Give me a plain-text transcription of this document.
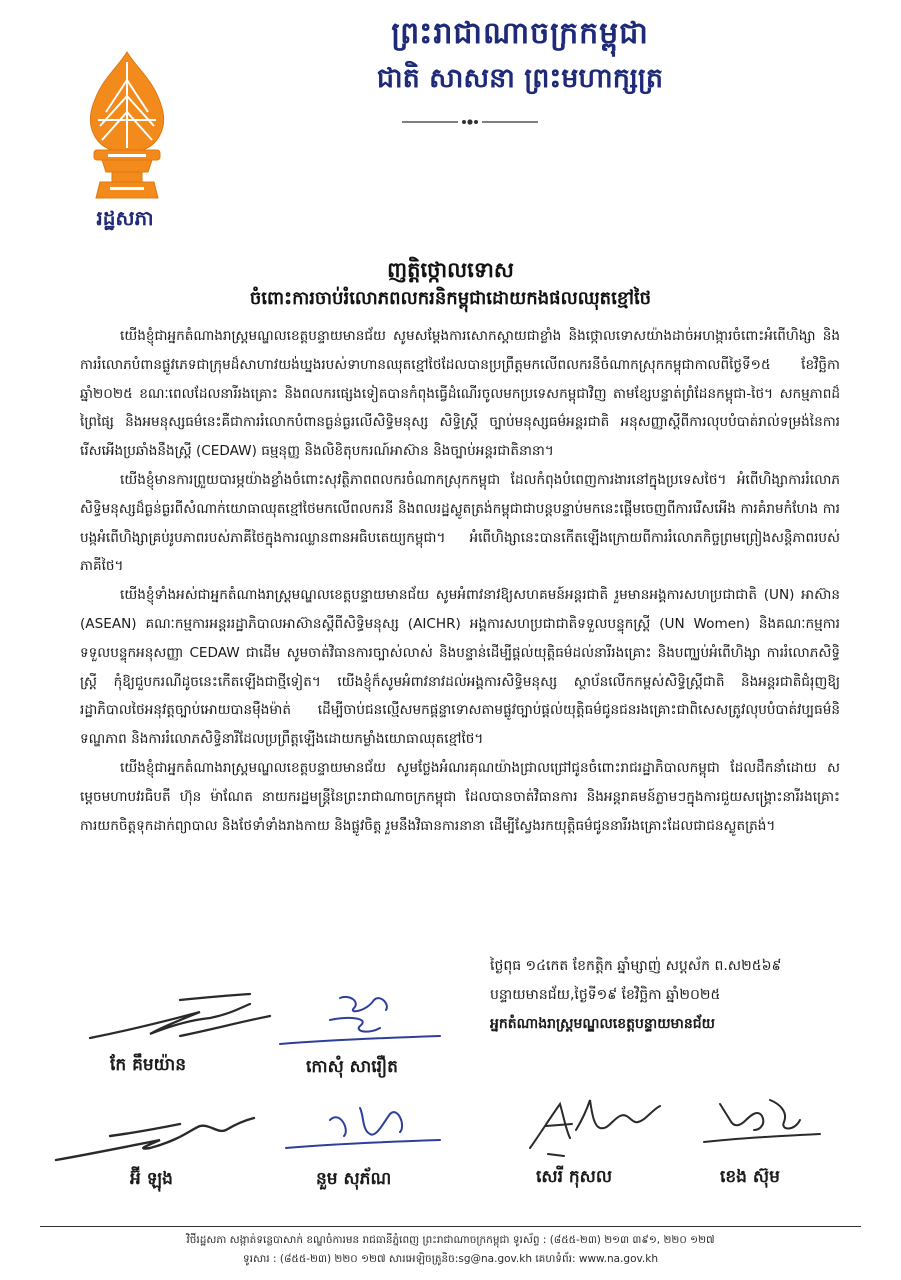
រដ្ឋសភា
ព្រះរាជាណាចក្រកម្ពុជា
ជាតិ សាសនា ព្រះមហាក្សត្រ
ញត្តិថ្កោលទោស
ចំពោះការចាប់រំលោភពលករនិកម្ពុជាដោយកងផលឈុតខ្មៅថៃ

យើងខ្ញុំជាអ្នកតំណាងរាស្ត្រមណ្ឌលខេត្តបន្ទាយមានជ័យ សូមសម្តែងការសោកស្តាយជាខ្លាំង និងថ្កោលទោសយ៉ាងដាច់អហង្ការចំពោះអំពើហិង្សា និងការរំលោភបំពានផ្លូវភេទជាក្រុមដ៏សាហាវយង់ឃ្នងរបស់ទាហានឈុតខ្មៅថៃដែលបានប្រព្រឹត្តមកលើពលករនីចំណាកស្រុកកម្ពុជាកាលពីថ្ងៃទី១៥ ខែវិច្ឆិកា ឆ្នាំ២០២៥ ខណៈពេលដែលនារីរងគ្រោះ និងពលករផ្សេងទៀតបានកំពុងធ្វើដំណើរចូលមកប្រទេសកម្ពុជាវិញ តាមខ្សែបន្ទាត់ព្រំដែនកម្ពុជា-ថៃ។ សកម្មភាពដ៏ព្រៃផ្សៃ និងអមនុស្សធម៌នេះគឺជាការរំលោកបំពានធ្ងន់ធ្ងរលើសិទ្ធិមនុស្ស សិទ្ធិស្ត្រី ច្បាប់មនុស្សធម៌អន្តរជាតិ អនុសញ្ញាស្តីពីការលុបបំបាត់រាល់ទម្រង់នៃការរើសអើងប្រឆាំងនឹងស្ត្រី (CEDAW) ធម្មនុញ្ញ និងលិខិតុបករណ៍អាស៊ាន និងច្បាប់អន្តរជាតិនានា។

យើងខ្ញុំមានការព្រួយបារម្ភយ៉ាងខ្លាំងចំពោះសុវត្ថិភាពពលករចំណាកស្រុកកម្ពុជា ដែលកំពុងបំពេញការងារនៅក្នុងប្រទេសថៃ។ អំពើហិង្សាការរំលោភសិទ្ធិមនុស្សដ៏ធ្ងន់ធ្ងរពីសំណាក់យោធាឈុតខ្មៅថៃមកលើពលករនី និងពលរដ្ឋស្លូតត្រង់កម្ពុជាជាបន្តបន្ទាប់មកនេះផ្តើមចេញពីការរើសអើង ការគំរាមកំហែង ការបង្កអំពើហិង្សាគ្រប់រូបភាពរបស់ភាគីថៃក្នុងការឈ្លានពានអធិបតេយ្យកម្ពុជា។ អំពើហិង្សានេះបានកើតឡើងក្រោយពីការរំលោភកិច្ចព្រមព្រៀងសន្តិភាពរបស់ភាគីថៃ។

យើងខ្ញុំទាំងអស់ជាអ្នកតំណាងរាស្ត្រមណ្ឌលខេត្តបន្ទាយមានជ័យ សូមអំពាវនាវឱ្យសហគមន៍អន្តរជាតិ រួមមានអង្គការសហប្រជាជាតិ (UN) អាស៊ាន (ASEAN) គណៈកម្មការអន្តររដ្ឋាភិបាលអាស៊ានស្តីពីសិទ្ធិមនុស្ស (AICHR) អង្គការសហប្រជាជាតិទទួលបន្ទុកស្ត្រី (UN Women) និងគណៈកម្មការទទួលបន្ទុកអនុសញ្ញា CEDAW ជាដើម សូមចាត់វិធានការច្បាស់លាស់ និងបន្ទាន់ដើម្បីផ្តល់យុត្តិធម៌ដល់នារីរងគ្រោះ និងបញ្ឈប់អំពើហិង្សា ការរំលោភសិទ្ធិស្ត្រី កុំឱ្យជួបករណីដូចនេះកើតឡើងជាថ្មីទៀត។ យើងខ្ញុំក៏សូមអំពាវនាវដល់អង្គការសិទ្ធិមនុស្ស ស្ថាប័នលើកកម្ពស់សិទ្ធិស្ត្រីជាតិ និងអន្តរជាតិជំរុញឱ្យរដ្ឋាភិបាលថៃអនុវត្តច្បាប់អោយបានម៉ឺងម៉ាត់ ដើម្បីចាប់ជនល្មើសមកផ្តន្ទាទោសតាមផ្លូវច្បាប់ផ្តល់យុត្តិធម៌ជូនជនរងគ្រោះជាពិសេសត្រូវលុបបំបាត់វប្បធម៌និទណ្ឌភាព និងការរំលោភសិទ្ធិនារីដែលប្រព្រឹត្តឡើងដោយកម្លាំងយោធាឈុតខ្មៅថៃ។

យើងខ្ញុំជាអ្នកតំណាងរាស្ត្រមណ្ឌលខេត្តបន្ទាយមានជ័យ សូមថ្លែងអំណរគុណយ៉ាងជ្រាលជ្រៅជូនចំពោះរាជរដ្ឋាភិបាលកម្ពុជា ដែលដឹកនាំដោយ សម្តេចមហាបវរធិបតី ហ៊ុន ម៉ាណែត នាយករដ្ឋមន្ត្រីនៃព្រះរាជាណាចក្រកម្ពុជា ដែលបានចាត់វិធានការ និងអន្តរាគមន៍ភ្លាមៗក្នុងការជួយសង្គ្រោះនារីរងគ្រោះ ការយកចិត្តទុកដាក់ព្យាបាល និងថែទាំទាំងរាងកាយ និងផ្លូវចិត្ត រួមនឹងវិធានការនានា ដើម្បីស្វែងរកយុត្តិធម៌ជូននារីរងគ្រោះដែលជាជនស្លូតត្រង់។

ថ្ងៃពុធ ១៤កេត ខែកត្តិក ឆ្នាំម្សាញ់ សប្តស័ក ព.ស២៥៦៩
បន្ទាយមានជ័យ,ថ្ងៃទី១៩ ខែវិច្ឆិកា ឆ្នាំ២០២៥
អ្នកតំណាងរាស្ត្រមណ្ឌលខេត្តបន្ទាយមានជ័យ
កែ គឹមយ៉ាន	កោសុំ សារឿត
អ៊ី ឡុង	នួម សុភ័ណ	សេរី កុសល	ខេង ស៊ុម
វិថីរដ្ឋសភា សង្កាត់ទន្លេបាសាក់ ខណ្ឌចំការមន រាជធានីភ្នំពេញ ព្រះរាជាណាចក្រកម្ពុជា ទូរស័ព្ទ : (៨៥៥-២៣) ២១៣ ៣៩១, ២២០ ១២៧
ទូរសារ : (៨៥៥-២៣) ២២០ ១២៧ សារអេឡិចត្រូនិច:sg@na.gov.kh គេហទំព័រ: www.na.gov.kh
